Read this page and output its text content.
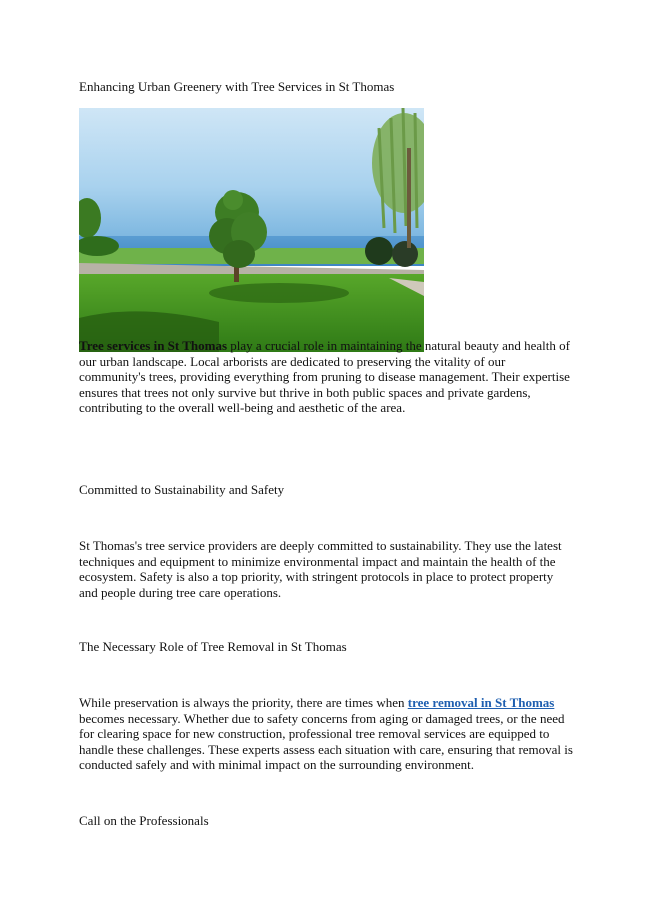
Enhancing Urban Greenery with Tree Services in St Thomas

Tree services in St Thomas play a crucial role in maintaining the natural beauty and health of our urban landscape. Local arborists are dedicated to preserving the vitality of our community's trees, providing everything from pruning to disease management. Their expertise ensures that trees not only survive but thrive in both public spaces and private gardens, contributing to the overall well-being and aesthetic of the area.

Committed to Sustainability and Safety

St Thomas's tree service providers are deeply committed to sustainability. They use the latest techniques and equipment to minimize environmental impact and maintain the health of the ecosystem. Safety is also a top priority, with stringent protocols in place to protect property and people during tree care operations.

The Necessary Role of Tree Removal in St Thomas

While preservation is always the priority, there are times when tree removal in St Thomas becomes necessary. Whether due to safety concerns from aging or damaged trees, or the need for clearing space for new construction, professional tree removal services are equipped to handle these challenges. These experts assess each situation with care, ensuring that removal is conducted safely and with minimal impact on the surrounding environment.

Call on the Professionals
